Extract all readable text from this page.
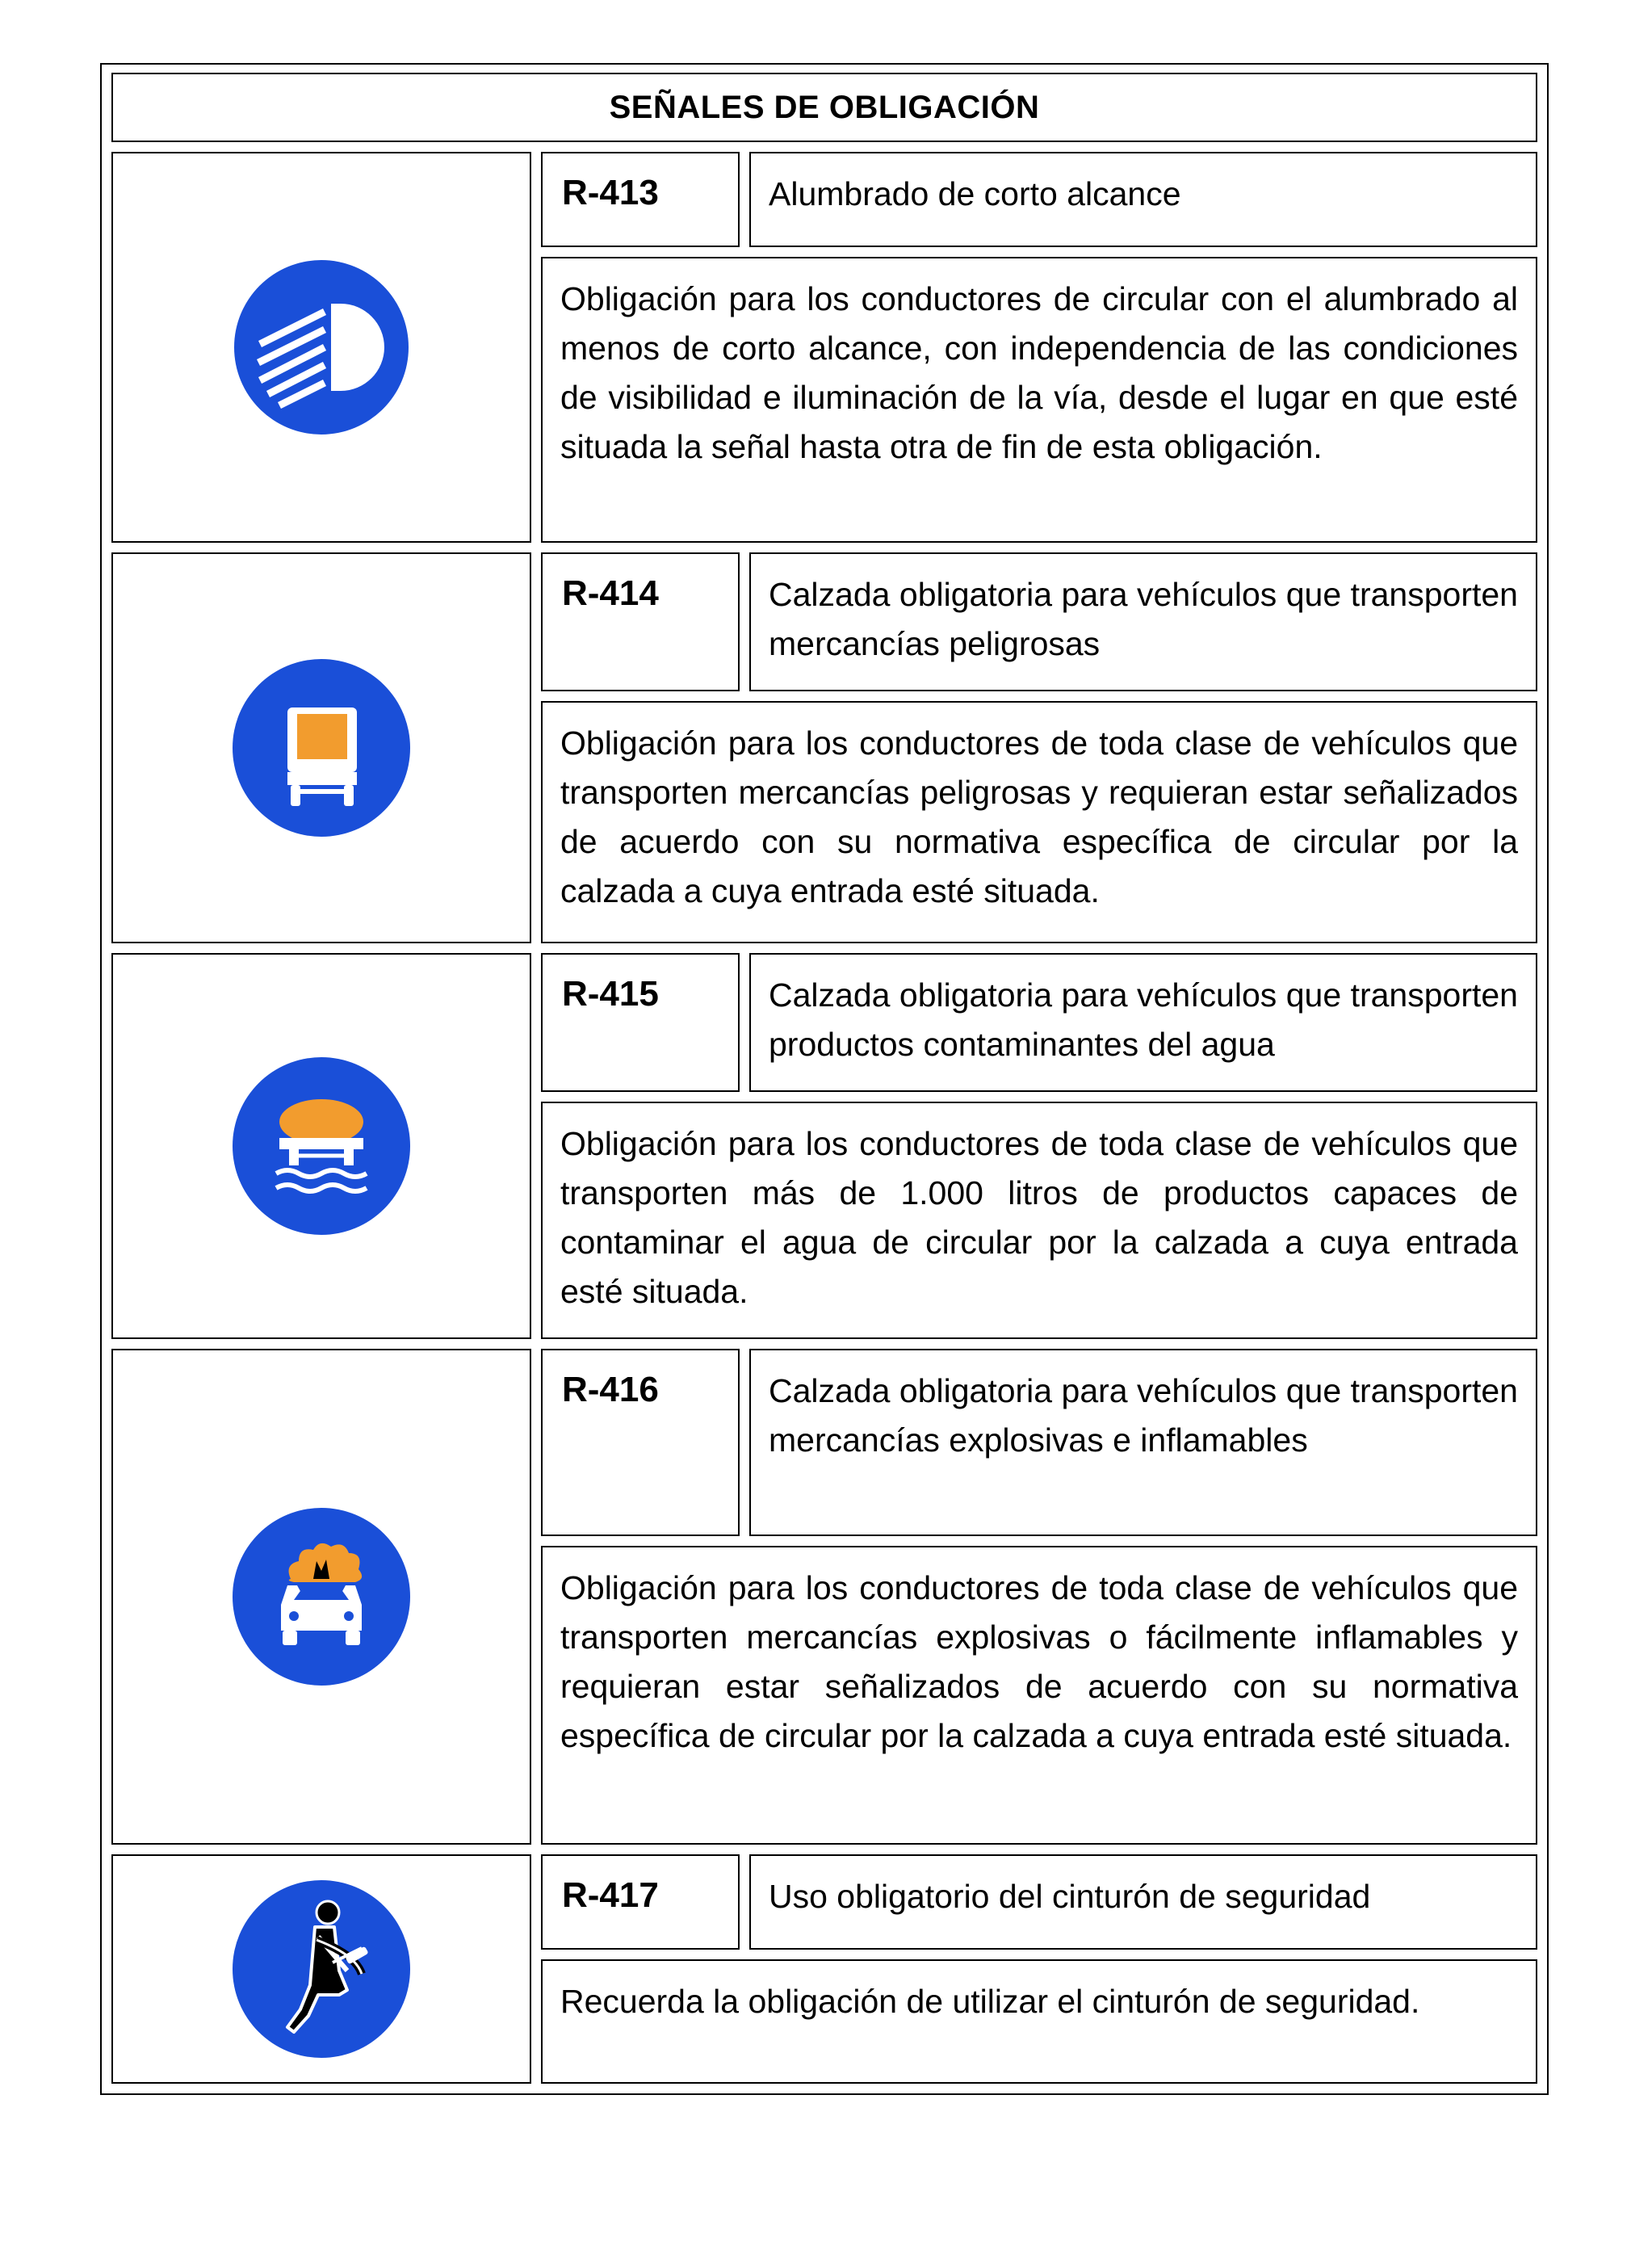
SEÑALES DE OBLIGACIÓN
R-413	Alumbrado de corto alcance
Obligación para los conductores de circular con el alumbrado al menos de corto alcance, con independencia de las condiciones de visibilidad e iluminación de la vía, desde el lugar en que esté situada la señal hasta otra de fin de esta obligación.
R-414	Calzada obligatoria para vehículos que transporten mercancías peligrosas
Obligación para los conductores de toda clase de vehículos que transporten mercancías peligrosas y requieran estar señalizados de acuerdo con su normativa específica de circular por la calzada a cuya entrada esté situada.
R-415	Calzada obligatoria para vehículos que transporten productos contaminantes del agua
Obligación para los conductores de toda clase de vehículos que transporten más de 1.000 litros de productos capaces de contaminar el agua de circular por la calzada a cuya entrada esté situada.
R-416	Calzada obligatoria para vehículos que transporten mercancías explosivas e inflamables
Obligación para los conductores de toda clase de vehículos que transporten mercancías explosivas o fácilmente inflamables y requieran estar señalizados de acuerdo con su normativa específica de circular por la calzada a cuya entrada esté situada.
R-417	Uso obligatorio del cinturón de seguridad
Recuerda la obligación de utilizar el cinturón de seguridad.
